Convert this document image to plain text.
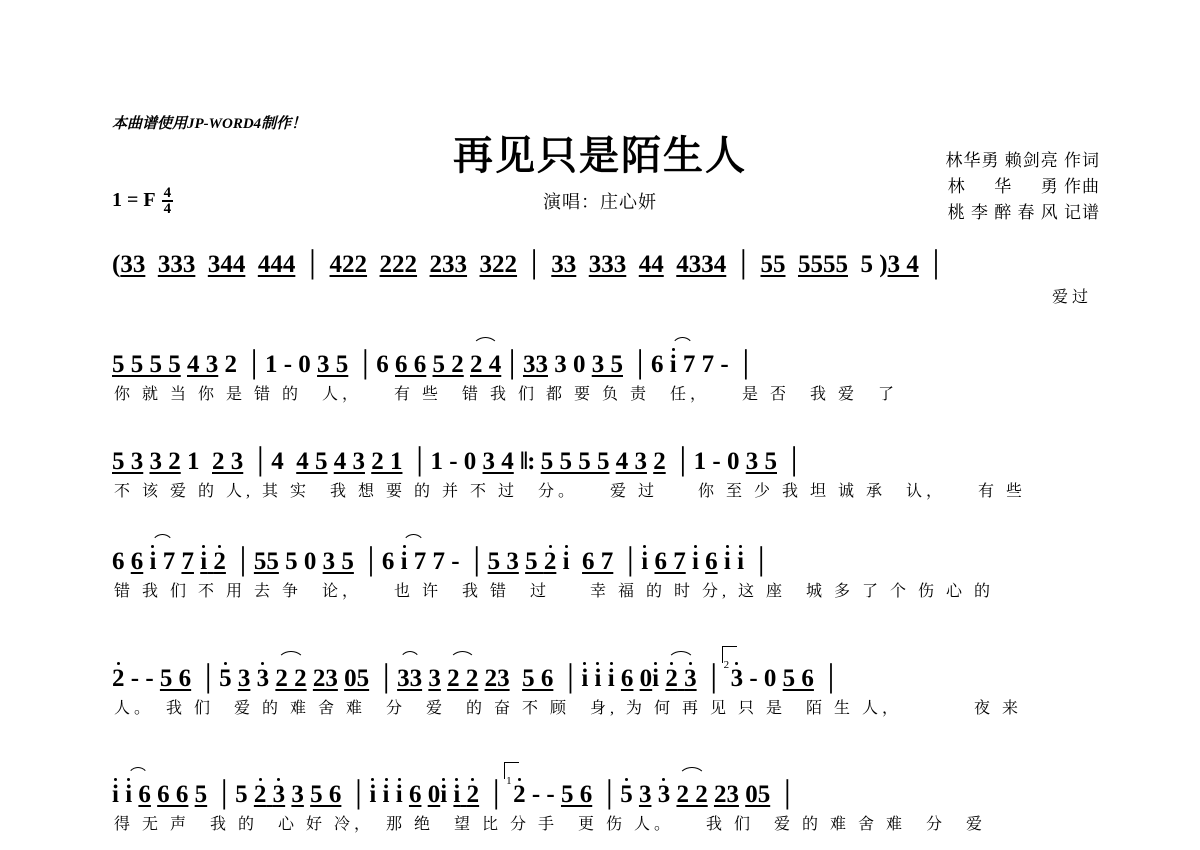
本曲谱使用JP-WORD4制作！
再见只是陌生人
演唱：庄心妍
林华勇 赖剑亮 作词
林 　 华 　 勇 作曲
桃 李 醉 春 风 记谱
1 = F $\frac{4}{4}$
(33 333 344 444 │ 422 222 233 322 │ 33 333 44 4334 │ 55 5555  5 )3 4 │
爱过
5 5 5 5 4 3 2 │1 - 0 3 5 │6 6 6 5 2 2 4│33 3 0 3 5 │6 i 7 7 - │
你 就 当 你 是 错 的　人，　　有 些　错 我 们 都 要 负 责　任，　　是 否　我 爱　了
5 3 3 2 1  2 3 │4  4 5 4 3 2 1 │1 - 0 3 4 ‖: 5 5 5 5 4 3 2 │1 - 0 3 5 │
不 该 爱 的 人, 其 实　我 想 要 的 并 不 过　分。　　爱 过　　你 至 少 我 坦 诚 承　认，　　有 些
6 6 i 7 7 i 2 │55 5 0 3 5 │6 i 7 7 - │5 3 5 2 i 6 7 │i 6 7 i 6 i i │
错 我 们 不 用 去 争　论，　　也 许　我 错　过　　幸 福 的 时 分, 这 座　城 多 了 个 伤 心 的
2 - - 5 6 │5 3 3 2 2 23 05 │33 3 2 2 23 5 6 │i i i 6 0i 2 3 │ 2 3 - 0 5 6 │
人。　我 们　爱 的 难 舍 难　分　爱　的 奋 不 顾　身, 为 何 再 见 只 是　陌 生 人，　　　　夜 来
i i 6 6 6 5 │5 2 3 3 5 6 │i i i 6 0i i 2 │ 1 2 - - 5 6 │5 3 3 2 2 23 05 │
得 无 声　我 的　心 好 冷，　那 绝　望 比 分 手　更 伤 人。　　我 们　爱 的 难 舍 难　分　爱
